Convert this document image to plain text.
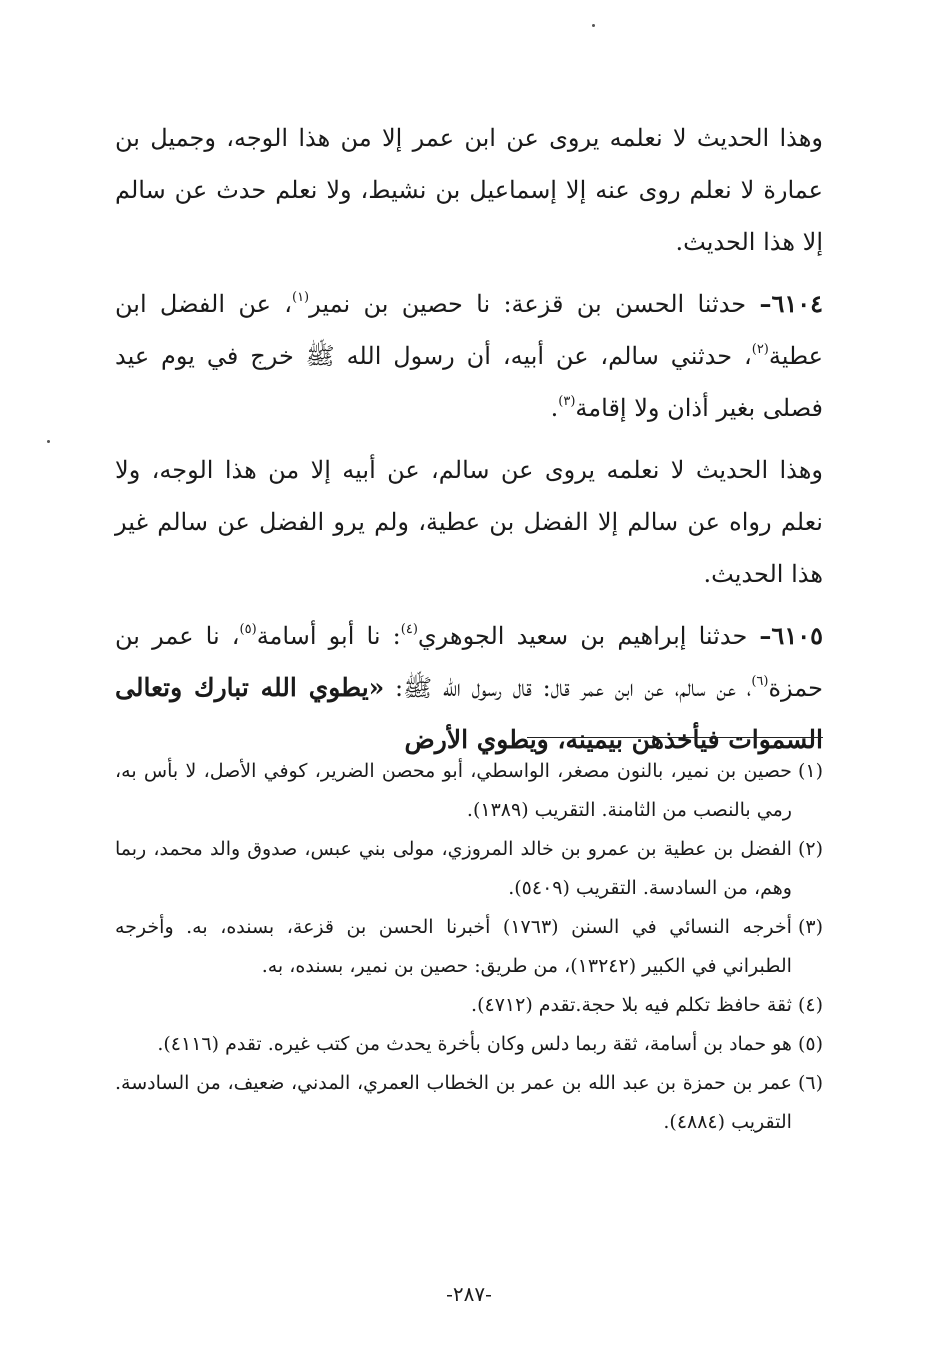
وهذا الحديث لا نعلمه يروى عن ابن عمر إلا من هذا الوجه، وجميل بن عمارة لا نعلم روى عنه إلا إسماعيل بن نشيط، ولا نعلم حدث عن سالم إلا هذا الحديث.

٦١٠٤– حدثنا الحسن بن قزعة: نا حصين بن نمير$^{(١)}$، عن الفضل ابن عطية$^{(٢)}$، حدثني سالم، عن أبيه، أن رسول الله ﷺ خرج في يوم عيد فصلى بغير أذان ولا إقامة$^{(٣)}$.

وهذا الحديث لا نعلمه يروى عن سالم، عن أبيه إلا من هذا الوجه، ولا نعلم رواه عن سالم إلا الفضل بن عطية، ولم يرو الفضل عن سالم غير هذا الحديث.

٦١٠٥– حدثنا إبراهيم بن سعيد الجوهري$^{(٤)}$: نا أبو أسامة$^{(٥)}$، نا عمر بن حمزة$^{(٦)}$، عن سالم، عن ابن عمر قال: قال رسول الله ﷺ: «يطوي الله تبارك وتعالى السموات فيأخذهن بيمينه، ويطوي الأرض

(١)
حصين بن نمير، بالنون مصغر، الواسطي، أبو محصن الضرير، كوفي الأصل، لا بأس به، رمي بالنصب من الثامنة. التقريب (١٣٨٩).
(٢)
الفضل بن عطية بن عمرو بن خالد المروزي، مولى بني عبس، صدوق والد محمد، ربما وهم، من السادسة. التقريب (٥٤٠٩).
(٣)
أخرجه النسائي في السنن (١٧٦٣) أخبرنا الحسن بن قزعة، بسنده، به. وأخرجه الطبراني في الكبير (١٣٢٤٢)، من طريق: حصين بن نمير، بسنده، به.
(٤)
ثقة حافظ تكلم فيه بلا حجة.تقدم (٤٧١٢).
(٥)
هو حماد بن أسامة، ثقة ربما دلس وكان بأخرة يحدث من كتب غيره. تقدم (٤١١٦).
(٦)
عمر بن حمزة بن عبد الله بن عمر بن الخطاب العمري، المدني، ضعيف، من السادسة. التقريب (٤٨٨٤).
-٢٨٧-
